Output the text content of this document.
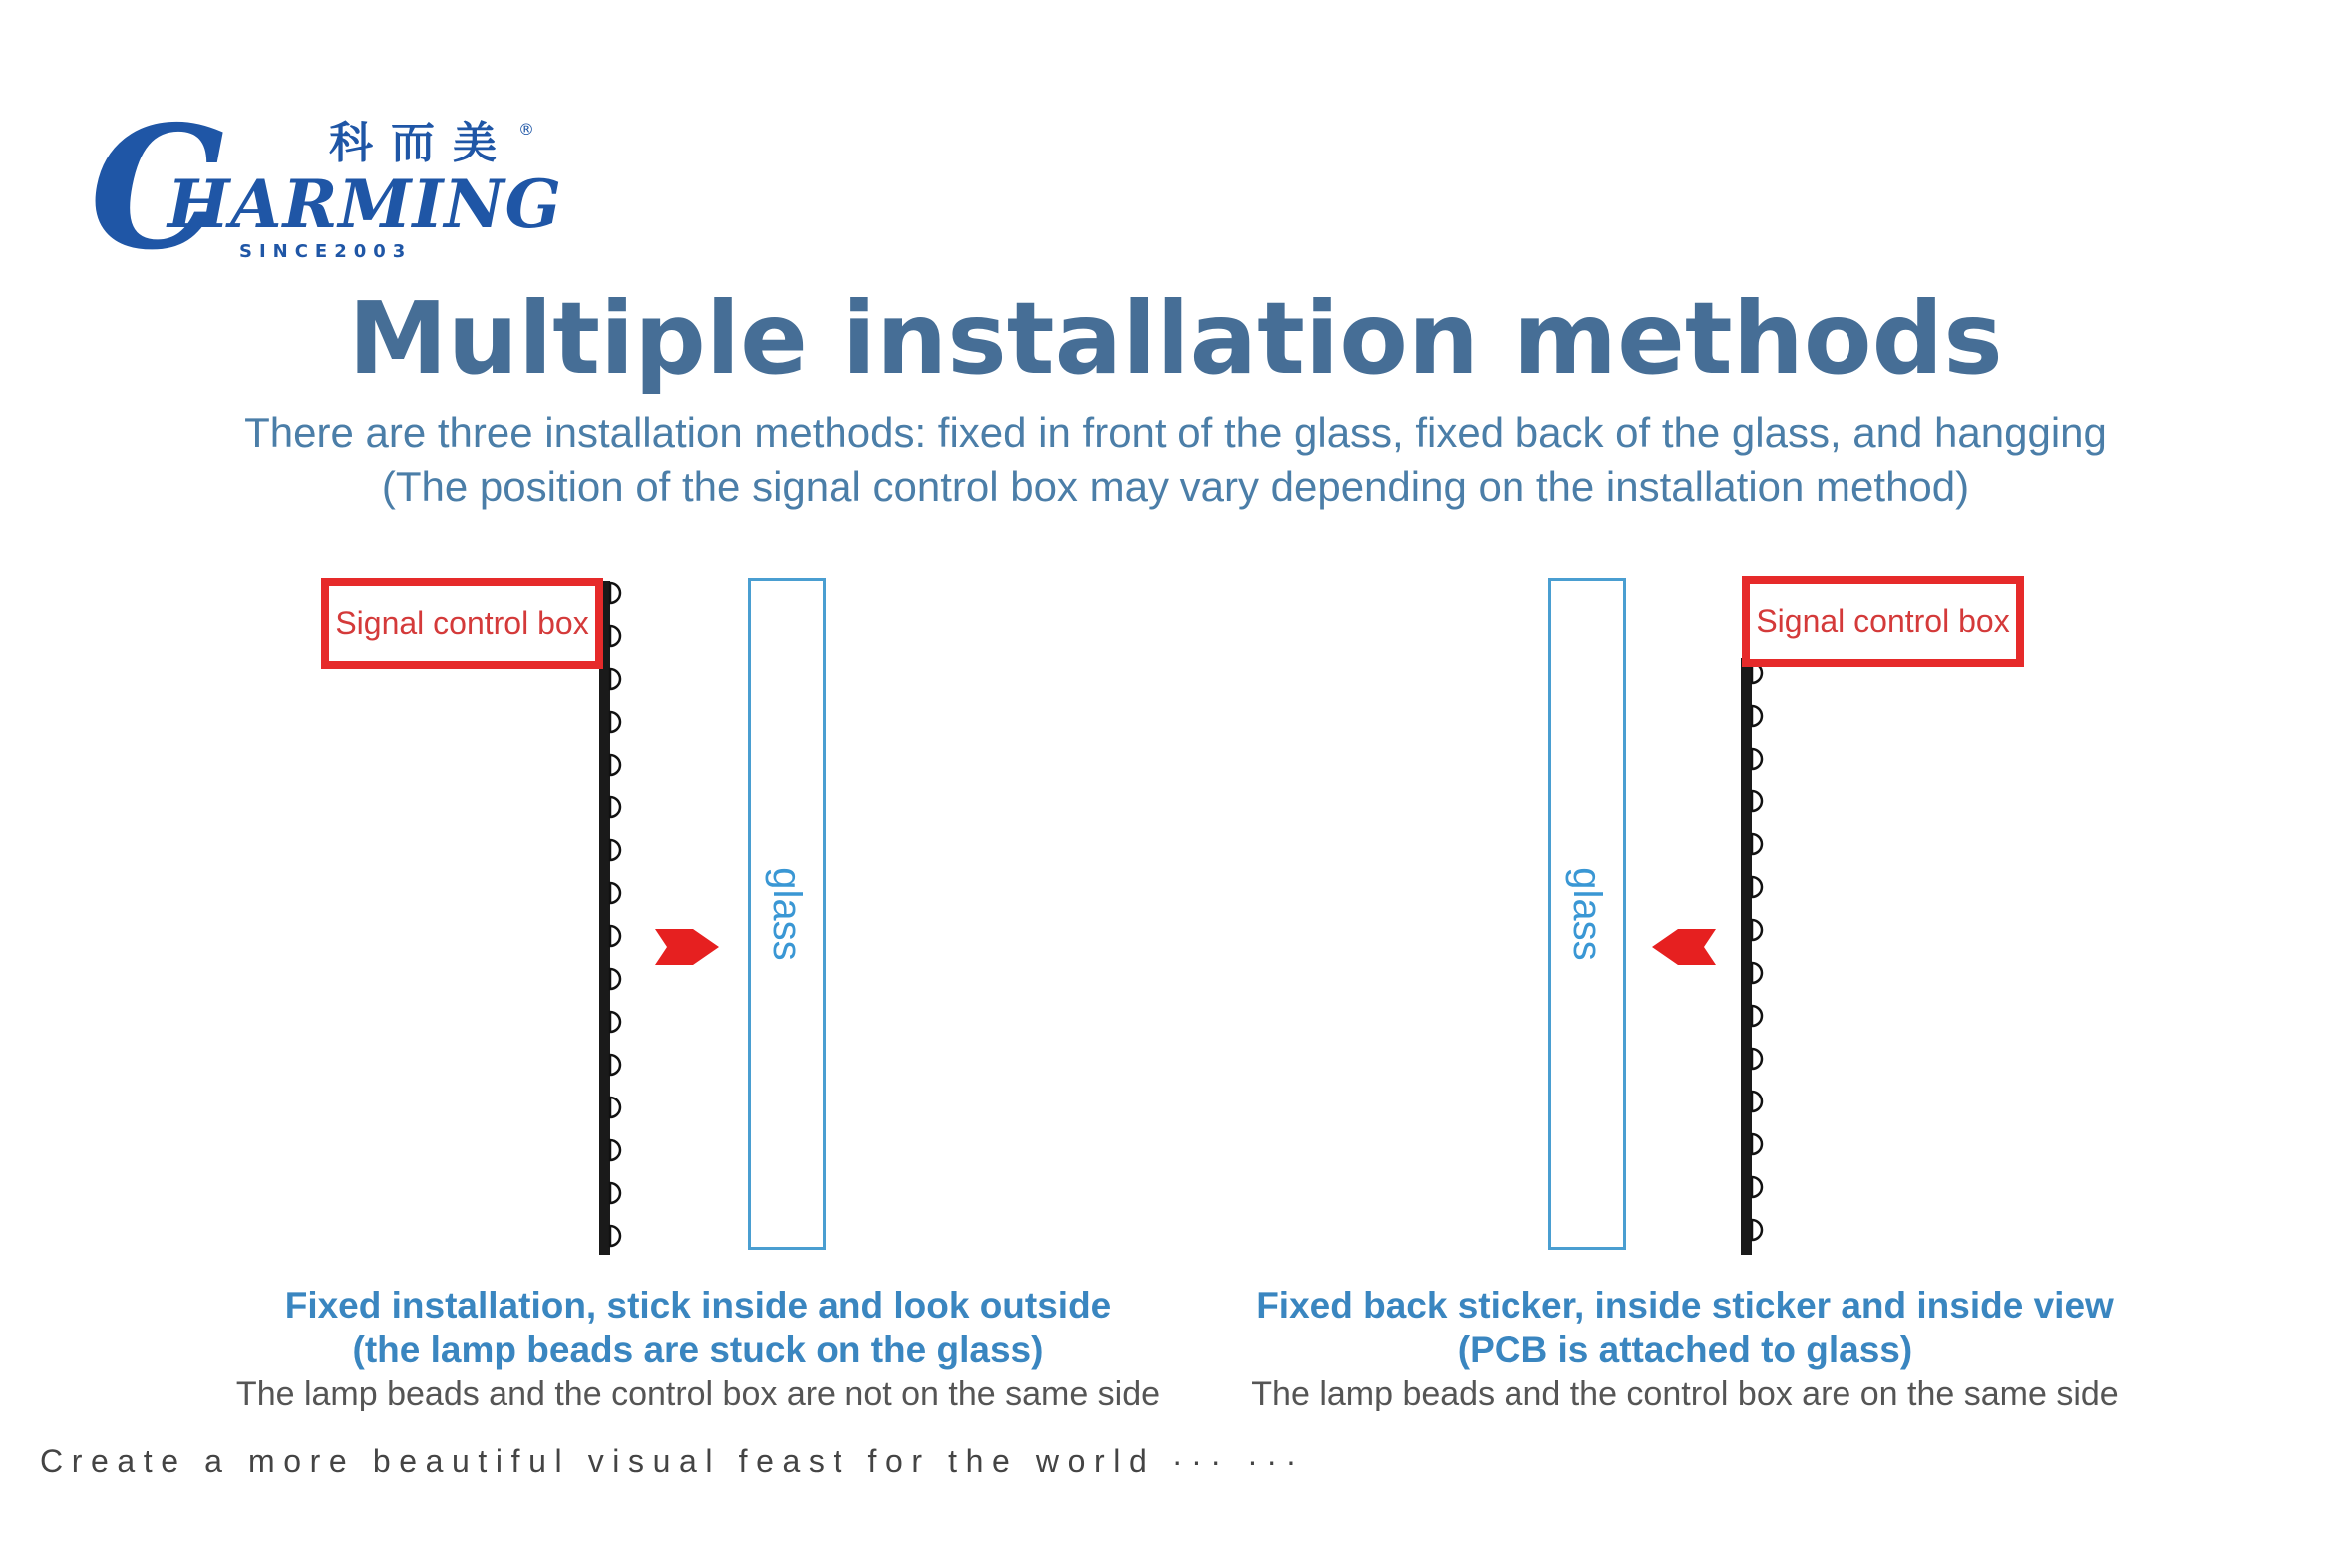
C 科而美 ®
HARMING
SINCE2003
Multiple installation methods
There are three installation methods: fixed in front of the glass, fixed back of the glass, and hangging
(The position of the signal control box may vary depending on the installation method)
Signal control box
glass	glass
Signal control box
Fixed installation, stick inside and look outside
(the lamp beads are stuck on the glass)
The lamp beads and the control box are not on the same side
Fixed back sticker, inside sticker and inside view
(PCB is attached to glass)
The lamp beads and the control box are on the same side
Create a more beautiful visual feast for the world ··· ···
